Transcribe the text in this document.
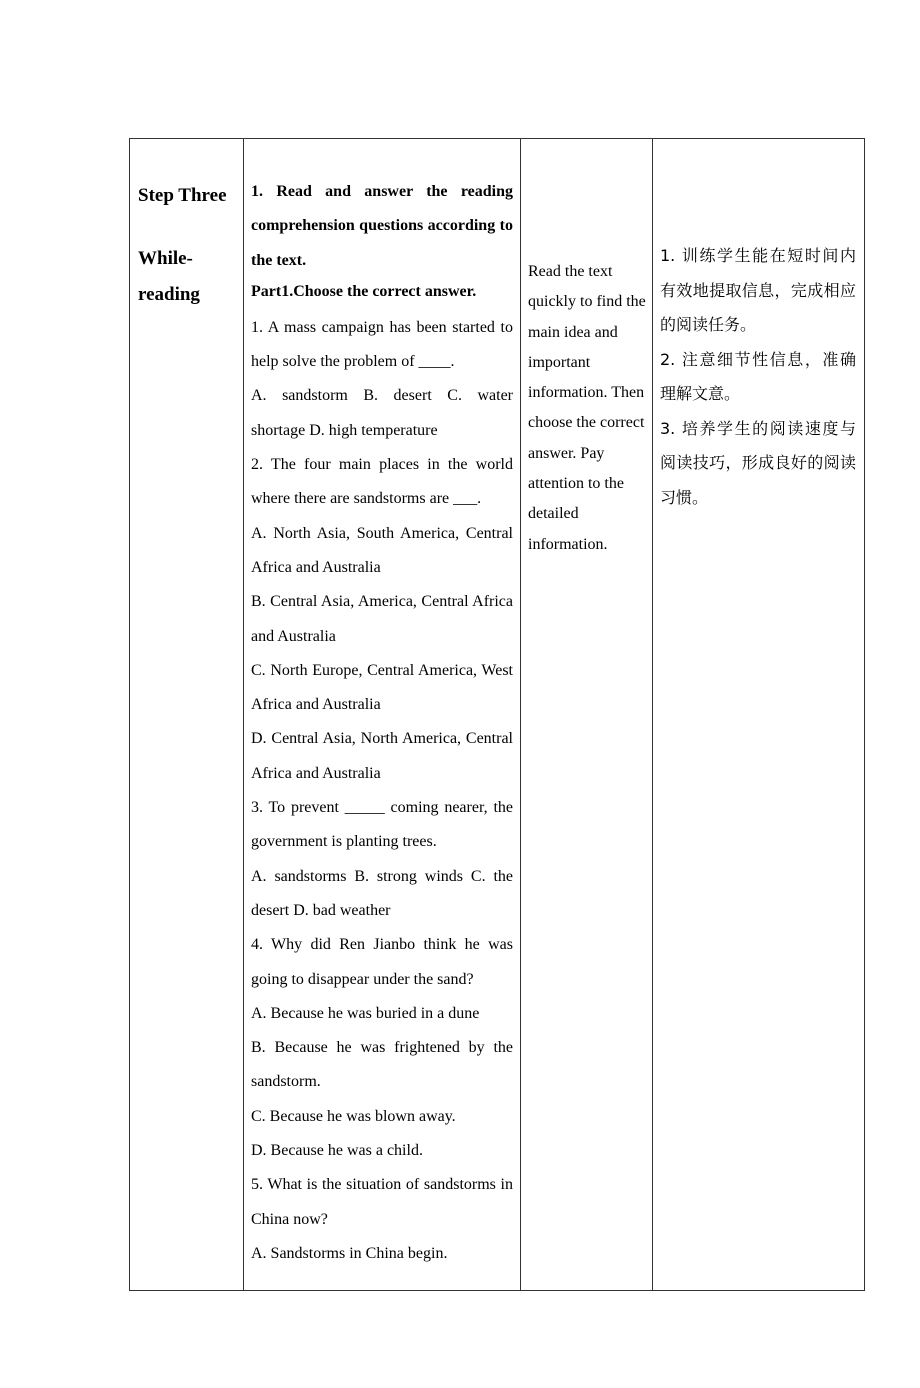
Step Three
While-reading

1. Read and answer the reading comprehension questions according to the text.

Part1.Choose the correct answer.

1. A mass campaign has been started to help solve the problem of ____.

A. sandstorm B. desert C. water shortage D. high temperature

2. The four main places in the world where there are sandstorms are ___.

A. North Asia, South America, Central Africa and Australia

B. Central Asia, America, Central Africa and Australia

C. North Europe, Central America, West Africa and Australia

D. Central Asia, North America, Central Africa and Australia

3. To prevent _____ coming nearer, the government is planting trees.

A. sandstorms B. strong winds C. the desert D. bad weather

4. Why did Ren Jianbo think he was going to disappear under the sand?

A. Because he was buried in a dune

B. Because he was frightened by the sandstorm.

C. Because he was blown away.

D. Because he was a child.

5. What is the situation of sandstorms in China now?

A. Sandstorms in China begin.

Read the text quickly to find the main idea and important information. Then choose the correct answer. Pay attention to the detailed information.

1. 训练学生能在短时间内有效地提取信息，完成相应的阅读任务。

2. 注意细节性信息，准确理解文意。

3. 培养学生的阅读速度与阅读技巧，形成良好的阅读习惯。
